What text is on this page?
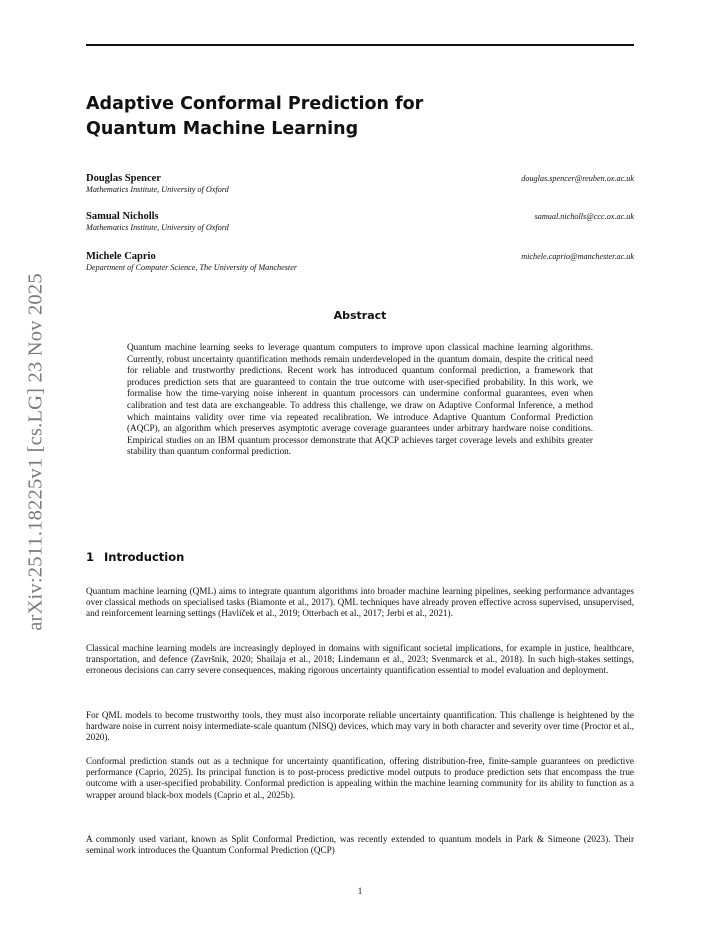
arXiv:2511.18225v1 [cs.LG] 23 Nov 2025
Adaptive Conformal Prediction for
Quantum Machine Learning
Douglas Spencer
Mathematics Institute, University of Oxford
douglas.spencer@reuben.ox.ac.uk
Samual Nicholls
Mathematics Institute, University of Oxford
samual.nicholls@ccc.ox.ac.uk
Michele Caprio
Department of Computer Science, The University of Manchester
michele.caprio@manchester.ac.uk
Abstract

Quantum machine learning seeks to leverage quantum computers to improve upon classical machine learning algorithms. Currently, robust uncertainty quantification methods remain underdeveloped in the quantum domain, despite the critical need for reliable and trustworthy predictions. Recent work has introduced quantum conformal prediction, a framework that produces prediction sets that are guaranteed to contain the true outcome with user-specified probability. In this work, we formalise how the time-varying noise inherent in quantum processors can undermine conformal guarantees, even when calibration and test data are exchangeable. To address this challenge, we draw on Adaptive Conformal Inference, a method which maintains validity over time via repeated recalibration. We introduce Adaptive Quantum Conformal Prediction (AQCP), an algorithm which preserves asymptotic average coverage guarantees under arbitrary hardware noise conditions. Empirical studies on an IBM quantum processor demonstrate that AQCP achieves target coverage levels and exhibits greater stability than quantum conformal prediction.

1 Introduction

Quantum machine learning (QML) aims to integrate quantum algorithms into broader machine learning pipelines, seeking performance advantages over classical methods on specialised tasks (Biamonte et al., 2017). QML techniques have already proven effective across supervised, unsupervised, and reinforcement learning settings (Havlíček et al., 2019; Otterbach et al., 2017; Jerbi et al., 2021).

Classical machine learning models are increasingly deployed in domains with significant societal implications, for example in justice, healthcare, transportation, and defence (Završnik, 2020; Shailaja et al., 2018; Lindemann et al., 2023; Svenmarck et al., 2018). In such high-stakes settings, erroneous decisions can carry severe consequences, making rigorous uncertainty quantification essential to model evaluation and deployment.

For QML models to become trustworthy tools, they must also incorporate reliable uncertainty quantification. This challenge is heightened by the hardware noise in current noisy intermediate-scale quantum (NISQ) devices, which may vary in both character and severity over time (Proctor et al., 2020).

Conformal prediction stands out as a technique for uncertainty quantification, offering distribution-free, finite-sample guarantees on predictive performance (Caprio, 2025). Its principal function is to post-process predictive model outputs to produce prediction sets that encompass the true outcome with a user-specified probability. Conformal prediction is appealing within the machine learning community for its ability to function as a wrapper around black-box models (Caprio et al., 2025b).

A commonly used variant, known as Split Conformal Prediction, was recently extended to quantum models in Park & Simeone (2023). Their seminal work introduces the Quantum Conformal Prediction (QCP)

1
